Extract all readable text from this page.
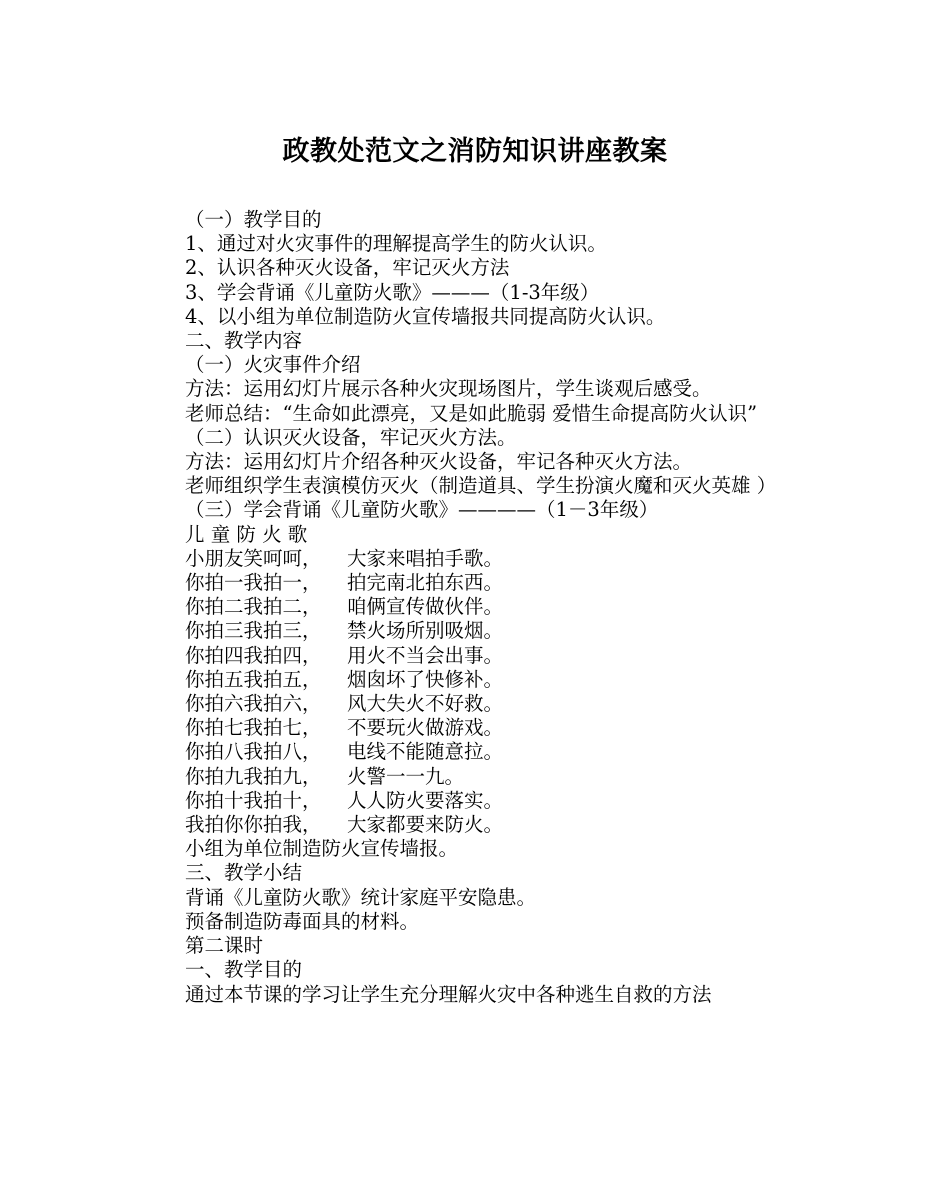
政教处范文之消防知识讲座教案

（一）教学目的

1、通过对火灾事件的理解提高学生的防火认识。

2、认识各种灭火设备，牢记灭火方法

3、学会背诵《儿童防火歌》———（1-3年级）

4、以小组为单位制造防火宣传墙报共同提高防火认识。

二、教学内容

（一）火灾事件介绍

方法：运用幻灯片展示各种火灾现场图片，学生谈观后感受。

老师总结：“生命如此漂亮，又是如此脆弱 爱惜生命提高防火认识”

（二）认识灭火设备，牢记灭火方法。

方法：运用幻灯片介绍各种灭火设备，牢记各种灭火方法。

老师组织学生表演模仿灭火（制造道具、学生扮演火魔和灭火英雄 ）

（三）学会背诵《儿童防火歌》————（1－3年级）

儿 童 防 火 歌

小朋友笑呵呵， 大家来唱拍手歌。

你拍一我拍一， 拍完南北拍东西。

你拍二我拍二， 咱俩宣传做伙伴。

你拍三我拍三， 禁火场所别吸烟。

你拍四我拍四， 用火不当会出事。

你拍五我拍五， 烟囱坏了快修补。

你拍六我拍六， 风大失火不好救。

你拍七我拍七， 不要玩火做游戏。

你拍八我拍八， 电线不能随意拉。

你拍九我拍九， 火警一一九。

你拍十我拍十， 人人防火要落实。

我拍你你拍我， 大家都要来防火。

小组为单位制造防火宣传墙报。

三、教学小结

背诵《儿童防火歌》统计家庭平安隐患。

预备制造防毒面具的材料。

第二课时

一、教学目的

通过本节课的学习让学生充分理解火灾中各种逃生自救的方法
